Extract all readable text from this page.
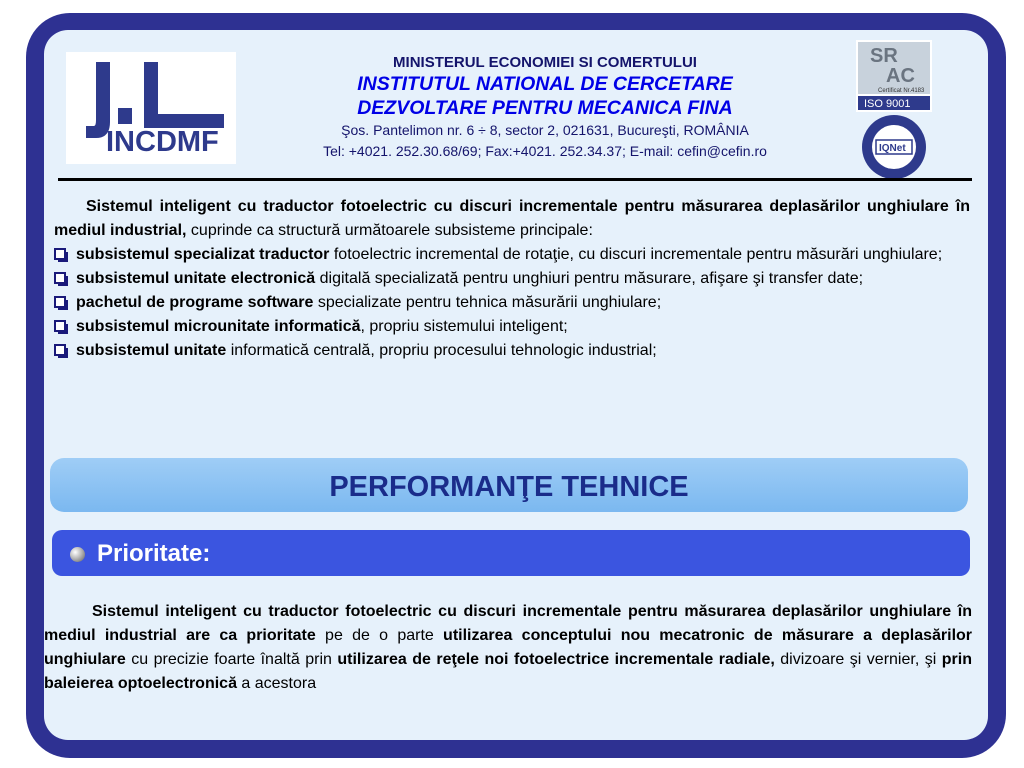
INCDMF
MINISTERUL ECONOMIEI SI COMERTULUI
INSTITUTUL NATIONAL DE CERCETARE
DEZVOLTARE PENTRU MECANICA FINA
Şos. Pantelimon nr. 6 ÷ 8, sector 2, 021631, Bucureşti, ROMÂNIA
Tel: +4021. 252.30.68/69; Fax:+4021. 252.34.37; E-mail: cefin@cefin.ro
SR
AC
Certificat Nr.4183
ISO 9001
IQNet

Sistemul inteligent cu traductor fotoelectric cu discuri incrementale pentru măsurarea deplasărilor unghiulare în mediul industrial, cuprinde ca structură următoarele subsisteme principale:

subsistemul specializat traductor fotoelectric incremental de rotaţie, cu discuri incrementale pentru măsurări unghiulare;

subsistemul unitate electronică digitală specializată pentru unghiuri pentru măsurare, afişare şi transfer date;

pachetul de programe software specializate pentru tehnica măsurării unghiulare;

subsistemul microunitate informatică, propriu sistemului inteligent;

subsistemul unitate informatică centrală, propriu procesului tehnologic industrial;

PERFORMANŢE TEHNICE
Prioritate:

Sistemul inteligent cu traductor fotoelectric cu discuri incrementale pentru măsurarea deplasărilor unghiulare în mediul industrial are ca prioritate pe de o parte utilizarea conceptului nou mecatronic de măsurare a deplasărilor unghiulare cu precizie foarte înaltă prin utilizarea de reţele noi fotoelectrice incrementale radiale, divizoare şi vernier, şi prin baleierea optoelectronică a acestora
